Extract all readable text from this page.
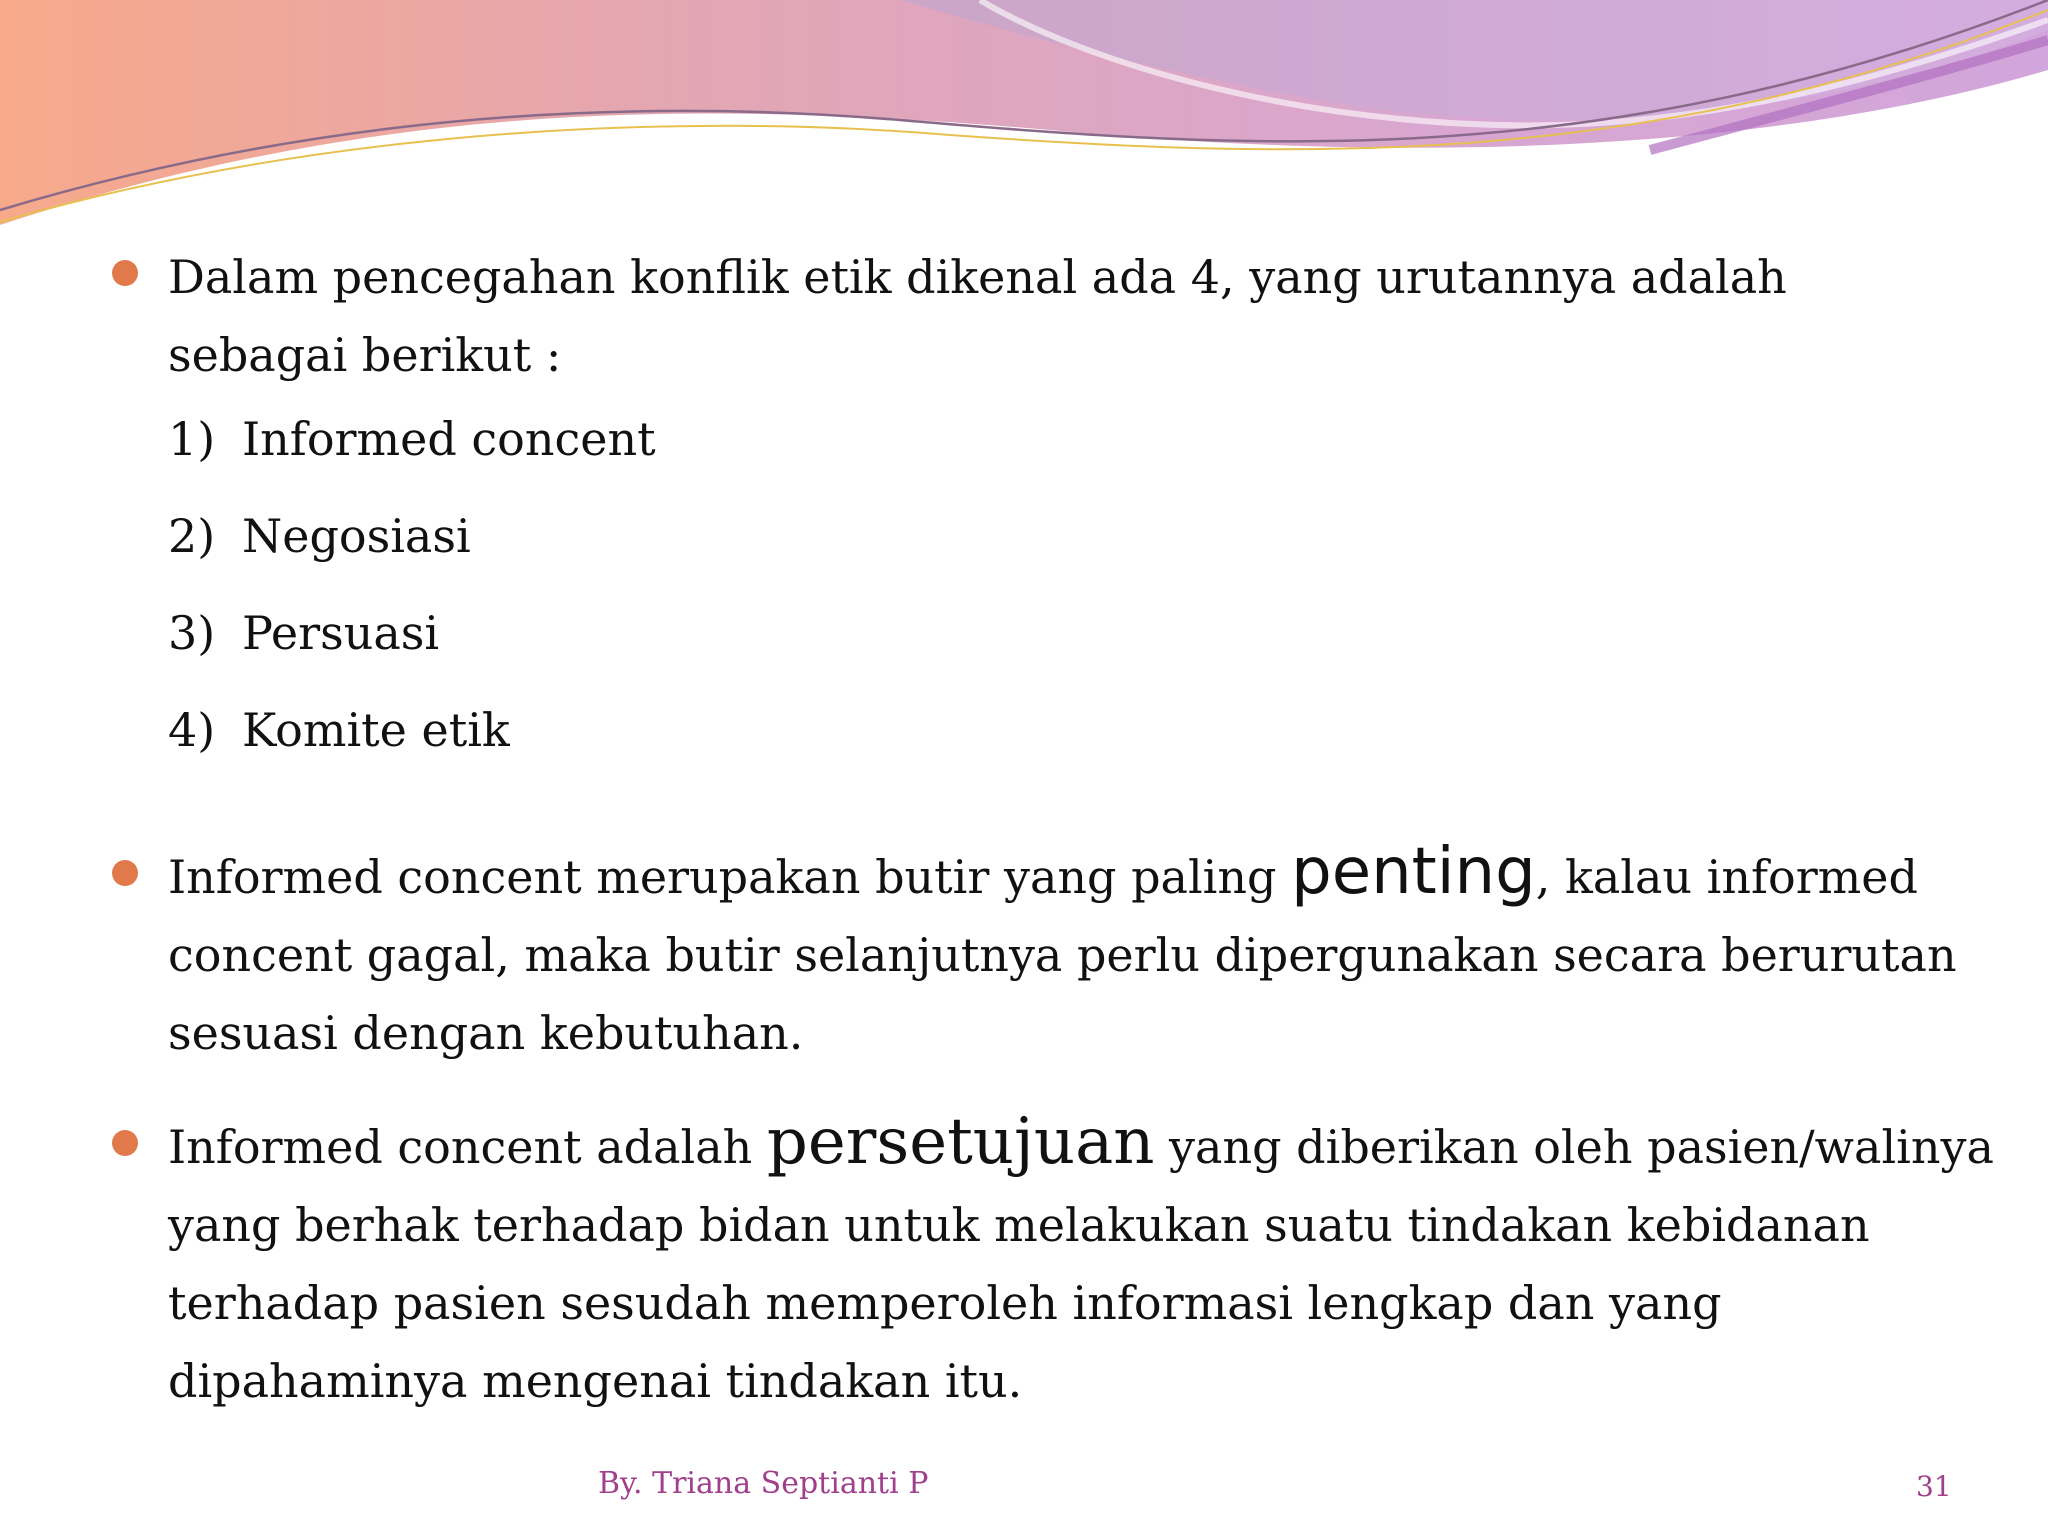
Dalam pencegahan konflik etik dikenal ada 4, yang urutannya adalah sebagai berikut :

1) Informed concent
2) Negosiasi
3) Persuasi
4) Komite etik

Informed concent merupakan butir yang paling penting, kalau informed concent gagal, maka butir selanjutnya perlu dipergunakan secara berurutan sesuasi dengan kebutuhan.

Informed concent adalah persetujuan yang diberikan oleh pasien/walinya yang berhak terhadap bidan untuk melakukan suatu tindakan kebidanan terhadap pasien sesudah memperoleh informasi lengkap dan yang dipahaminya mengenai tindakan itu.

By. Triana Septianti P	31
